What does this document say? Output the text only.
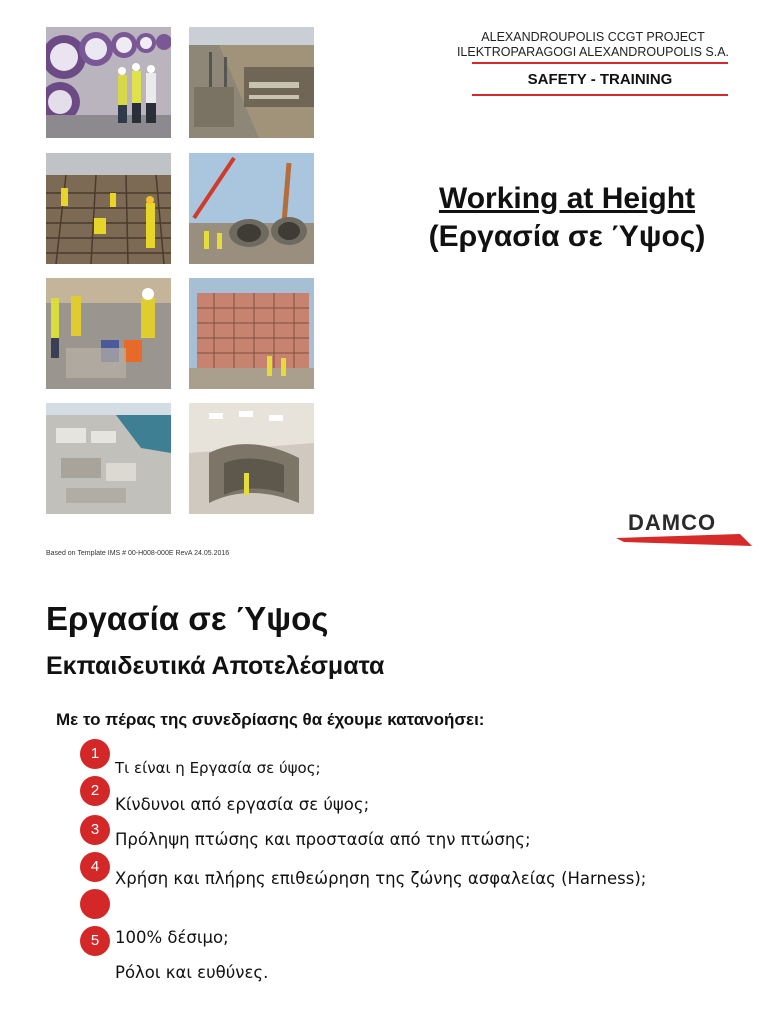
ALEXANDROUPOLIS CCGT PROJECT
ILEKTROPARAGOGI ALEXANDROUPOLIS S.A.
SAFETY - TRAINING
Working at Height
(Εργασία σε Ύψος)
DAMCO
Based on Template IMS # 00-H008-000E RevA 24.05.2016
Εργασία σε Ύψος
Εκπαιδευτικά Αποτελέσματα
Με το πέρας της συνεδρίασης θα έχουμε κατανοήσει:
1
Τι είναι η Εργασία σε ύψος;
2
Κίνδυνοι από εργασία σε ύψος;
3
Πρόληψη πτώσης και προστασία από την πτώσης;
4
Χρήση και πλήρης επιθεώρηση της ζώνης ασφαλείας (Harness);
5 100% δέσιμο;
Ρόλοι και ευθύνες.
